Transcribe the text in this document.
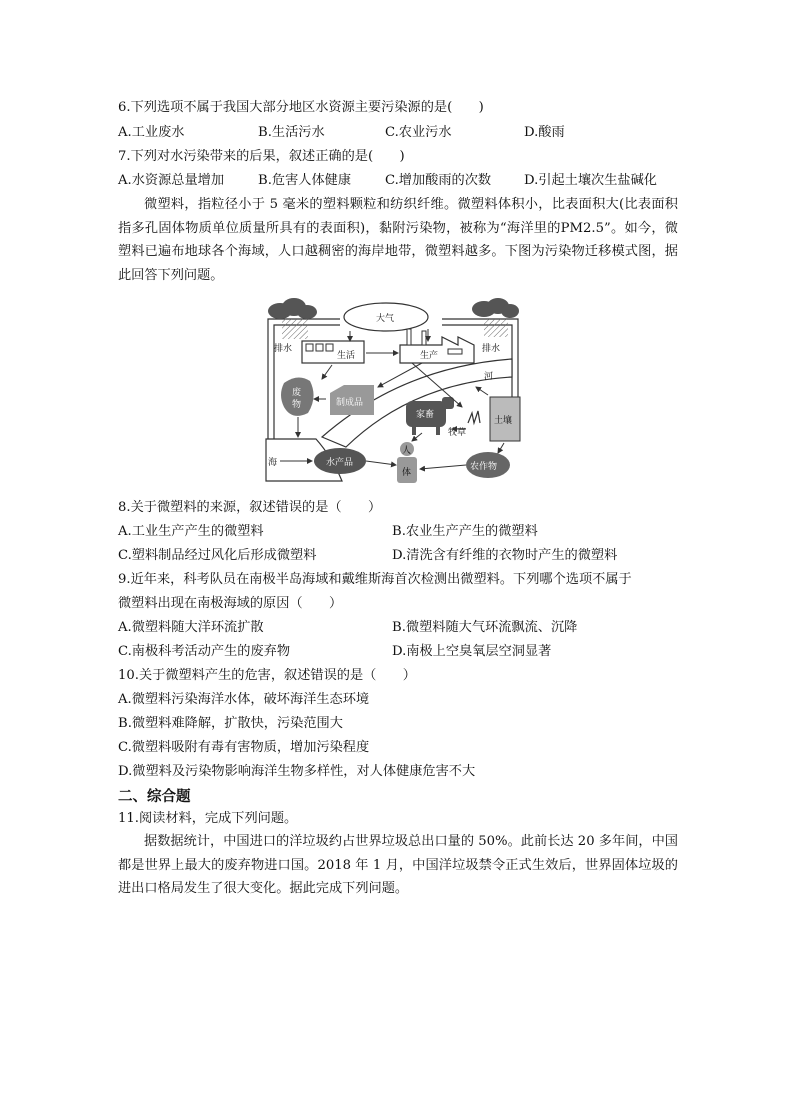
6.下列选项不属于我国大部分地区水资源主要污染源的是(　　)
A.工业废水	B.生活污水	C.农业污水	D.酸雨
7.下列对水污染带来的后果，叙述正确的是(　　)
A.水资源总量增加	B.危害人体健康	C.增加酸雨的次数 D.引起土壤次生盐碱化
微塑料，指粒径小于 5 毫米的塑料颗粒和纺织纤维。微塑料体积小，比表面积大(比表面积指多孔固体物质单位质量所具有的表面积)，黏附污染物，被称为“海洋里的PM2.5”。如今，微塑料已遍布地球各个海域，人口越稠密的海岸地带，微塑料越多。下图为污染物迁移模式图，据此回答下列问题。
大气
排水	排水
生活	生产
河
废
物	制成品
家畜
牧草
土壤
人
体
海	水产品	农作物
8.关于微塑料的来源，叙述错误的是（　　）
A.工业生产产生的微塑料	B.农业生产产生的微塑料
C.塑料制品经过风化后形成微塑料	D.清洗含有纤维的衣物时产生的微塑料
9.近年来，科考队员在南极半岛海域和戴维斯海首次检测出微塑料。下列哪个选项不属于
微塑料出现在南极海域的原因（　　）
A.微塑料随大洋环流扩散	B.微塑料随大气环流飘流、沉降
C.南极科考活动产生的废弃物	D.南极上空臭氧层空洞显著
10.关于微塑料产生的危害，叙述错误的是（　　）
A.微塑料污染海洋水体，破坏海洋生态环境
B.微塑料难降解，扩散快，污染范围大
C.微塑料吸附有毒有害物质，增加污染程度
D.微塑料及污染物影响海洋生物多样性，对人体健康危害不大
二、综合题
11.阅读材料，完成下列问题。
据数据统计，中国进口的洋垃圾约占世界垃圾总出口量的 50%。此前长达 20 多年间，中国都是世界上最大的废弃物进口国。2018 年 1 月，中国洋垃圾禁令正式生效后，世界固体垃圾的进出口格局发生了很大变化。据此完成下列问题。
